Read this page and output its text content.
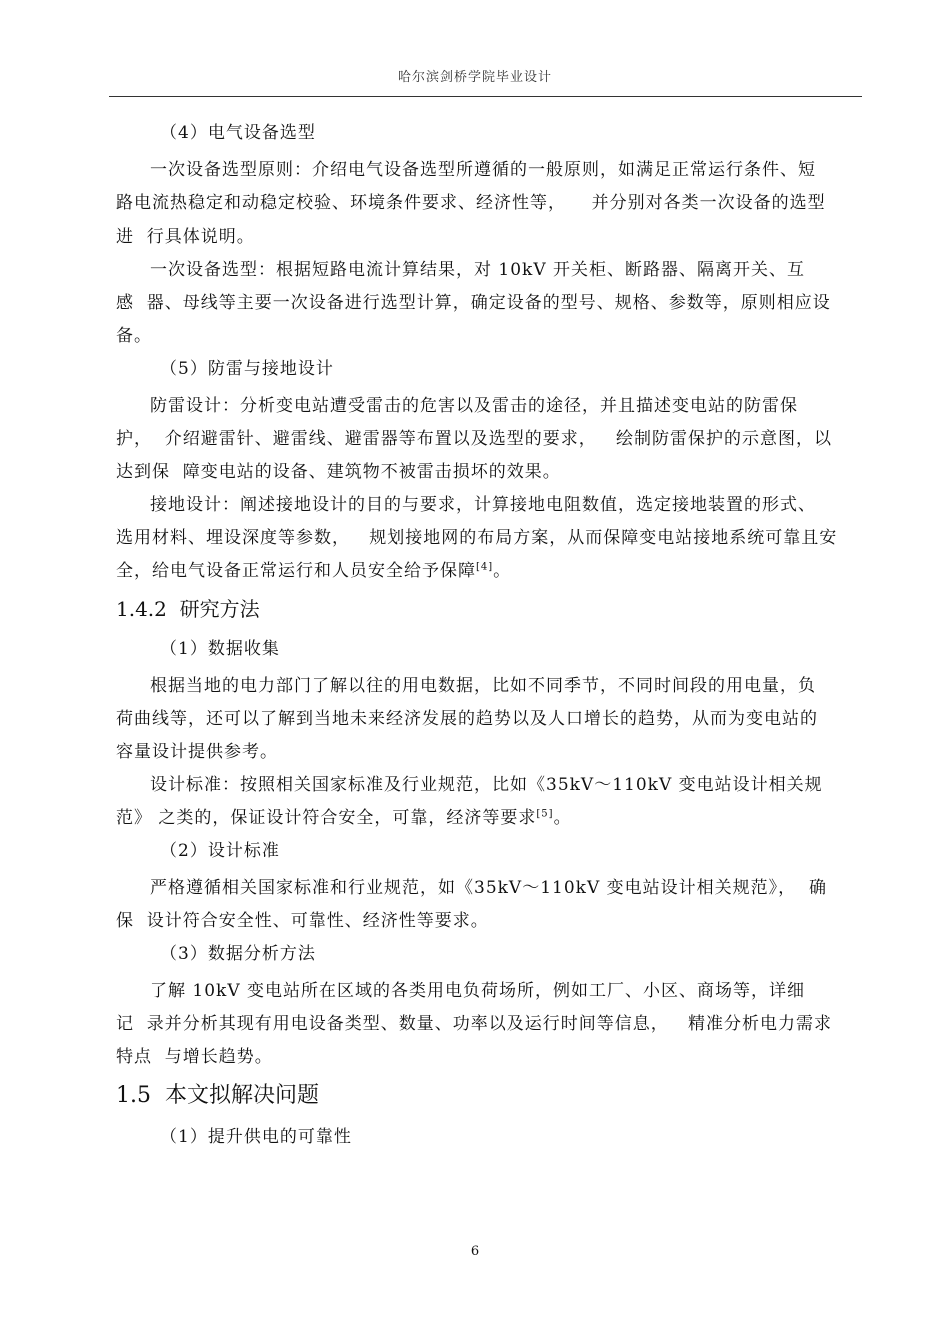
哈尔滨剑桥学院毕业设计
（4）电气设备选型
一次设备选型原则：介绍电气设备选型所遵循的一般原则，如满足正常运行条件、短
路电流热稳定和动稳定校验、环境条件要求、经济性等，    并分别对各类一次设备的选型
进  行具体说明。
一次设备选型：根据短路电流计算结果，对 10kV 开关柜、断路器、隔离开关、互
感  器、母线等主要一次设备进行选型计算，确定设备的型号、规格、参数等，原则相应设
备。
（5）防雷与接地设计
防雷设计：分析变电站遭受雷击的危害以及雷击的途径，并且描述变电站的防雷保
护，  介绍避雷针、避雷线、避雷器等布置以及选型的要求，   绘制防雷保护的示意图，以
达到保  障变电站的设备、建筑物不被雷击损坏的效果。
接地设计：阐述接地设计的目的与要求，计算接地电阻数值，选定接地装置的形式、
选用材料、埋设深度等参数，   规划接地网的布局方案，从而保障变电站接地系统可靠且安
全，给电气设备正常运行和人员安全给予保障[4]。
1.4.2  研究方法
（1）数据收集
根据当地的电力部门了解以往的用电数据，比如不同季节，不同时间段的用电量，负
荷曲线等，还可以了解到当地未来经济发展的趋势以及人口增长的趋势，从而为变电站的
容量设计提供参考。
设计标准：按照相关国家标准及行业规范，比如《35kV～110kV 变电站设计相关规
范》 之类的，保证设计符合安全，可靠，经济等要求[5]。
（2）设计标准
严格遵循相关国家标准和行业规范，如《35kV～110kV 变电站设计相关规范》，  确
保  设计符合安全性、可靠性、经济性等要求。
（3）数据分析方法
了解 10kV 变电站所在区域的各类用电负荷场所，例如工厂、小区、商场等，详细
记  录并分析其现有用电设备类型、数量、功率以及运行时间等信息，   精准分析电力需求
特点  与增长趋势。
1.5  本文拟解决问题
（1）提升供电的可靠性
6
